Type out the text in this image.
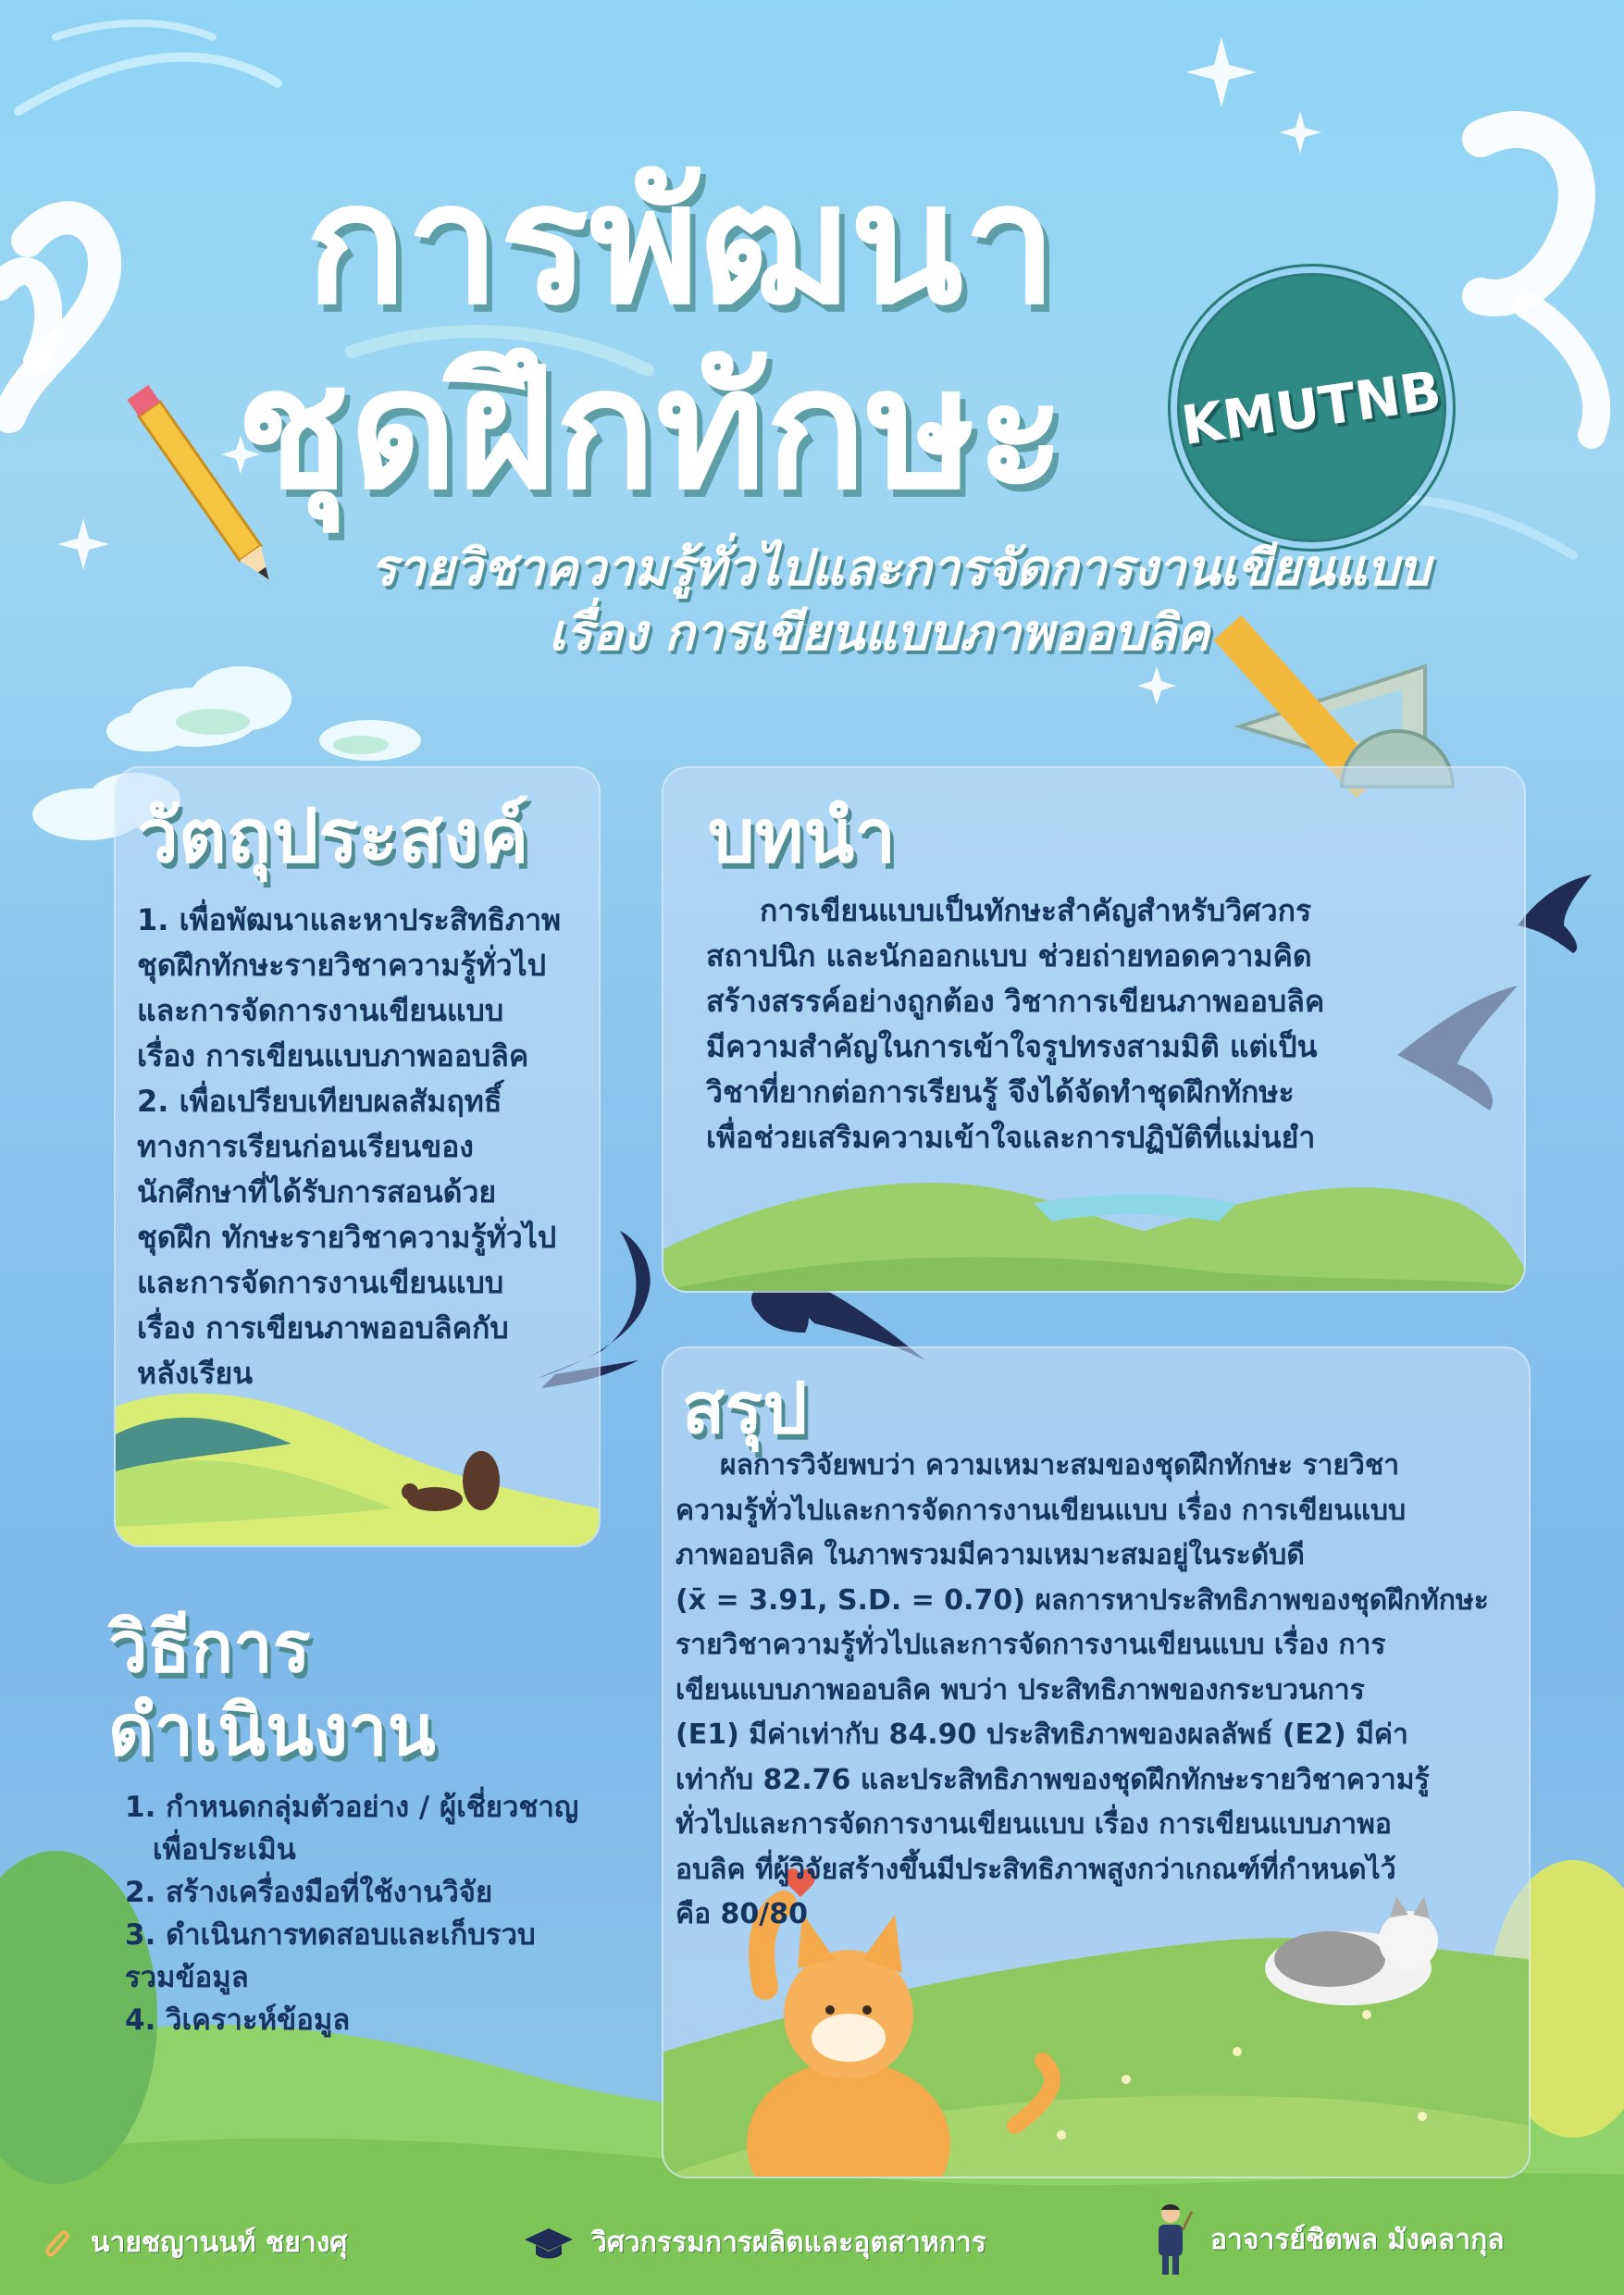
การพัฒนา
ชุดฝึกทักษะ KMUTNB
รายวิชาความรู้ทั่วไปและการจัดการงานเขียนแบบ
เรื่อง การเขียนแบบภาพออบลิค
วัตถุประสงค์

1. เพื่อพัฒนาและหาประสิทธิภาพ

ชุดฝึกทักษะรายวิชาความรู้ทั่วไป

และการจัดการงานเขียนแบบ

เรื่อง การเขียนแบบภาพออบลิค

2. เพื่อเปรียบเทียบผลสัมฤทธิ์

ทางการเรียนก่อนเรียนของ

นักศึกษาที่ได้รับการสอนด้วย

ชุดฝึก ทักษะรายวิชาความรู้ทั่วไป

และการจัดการงานเขียนแบบ

เรื่อง การเขียนภาพออบลิคกับ

หลังเรียน

บทนำ

การเขียนแบบเป็นทักษะสำคัญสำหรับวิศวกร

สถาปนิก และนักออกแบบ ช่วยถ่ายทอดความคิด

สร้างสรรค์อย่างถูกต้อง วิชาการเขียนภาพออบลิค

มีความสำคัญในการเข้าใจรูปทรงสามมิติ แต่เป็น

วิชาที่ยากต่อการเรียนรู้ จึงได้จัดทำชุดฝึกทักษะ

เพื่อช่วยเสริมความเข้าใจและการปฏิบัติที่แม่นยำ

วิธีการ
ดำเนินงาน
1. กำหนดกลุ่มตัวอย่าง / ผู้เชี่ยวชาญ
เพื่อประเมิน
2. สร้างเครื่องมือที่ใช้งานวิจัย
3. ดำเนินการทดสอบและเก็บรวบ
รวมข้อมูล
4. วิเคราะห์ข้อมูล
สรุป

ผลการวิจัยพบว่า ความเหมาะสมของชุดฝึกทักษะ รายวิชา

ความรู้ทั่วไปและการจัดการงานเขียนแบบ เรื่อง การเขียนแบบ

ภาพออบลิค ในภาพรวมมีความเหมาะสมอยู่ในระดับดี

(x̄ = 3.91, S.D. = 0.70) ผลการหาประสิทธิภาพของชุดฝึกทักษะ

รายวิชาความรู้ทั่วไปและการจัดการงานเขียนแบบ เรื่อง การ

เขียนแบบภาพออบลิค พบว่า ประสิทธิภาพของกระบวนการ

(E1) มีค่าเท่ากับ 84.90 ประสิทธิภาพของผลลัพธ์ (E2) มีค่า

เท่ากับ 82.76 และประสิทธิภาพของชุดฝึกทักษะรายวิชาความรู้

ทั่วไปและการจัดการงานเขียนแบบ เรื่อง การเขียนแบบภาพอ

อบลิค ที่ผู้วิจัยสร้างขึ้นมีประสิทธิภาพสูงกว่าเกณฑ์ที่กำหนดไว้

คือ 80/80

นายชญานนท์ ชยางศุ	วิศวกรรมการผลิตและอุตสาหการ	อาจารย์ชิตพล มังคลากุล
